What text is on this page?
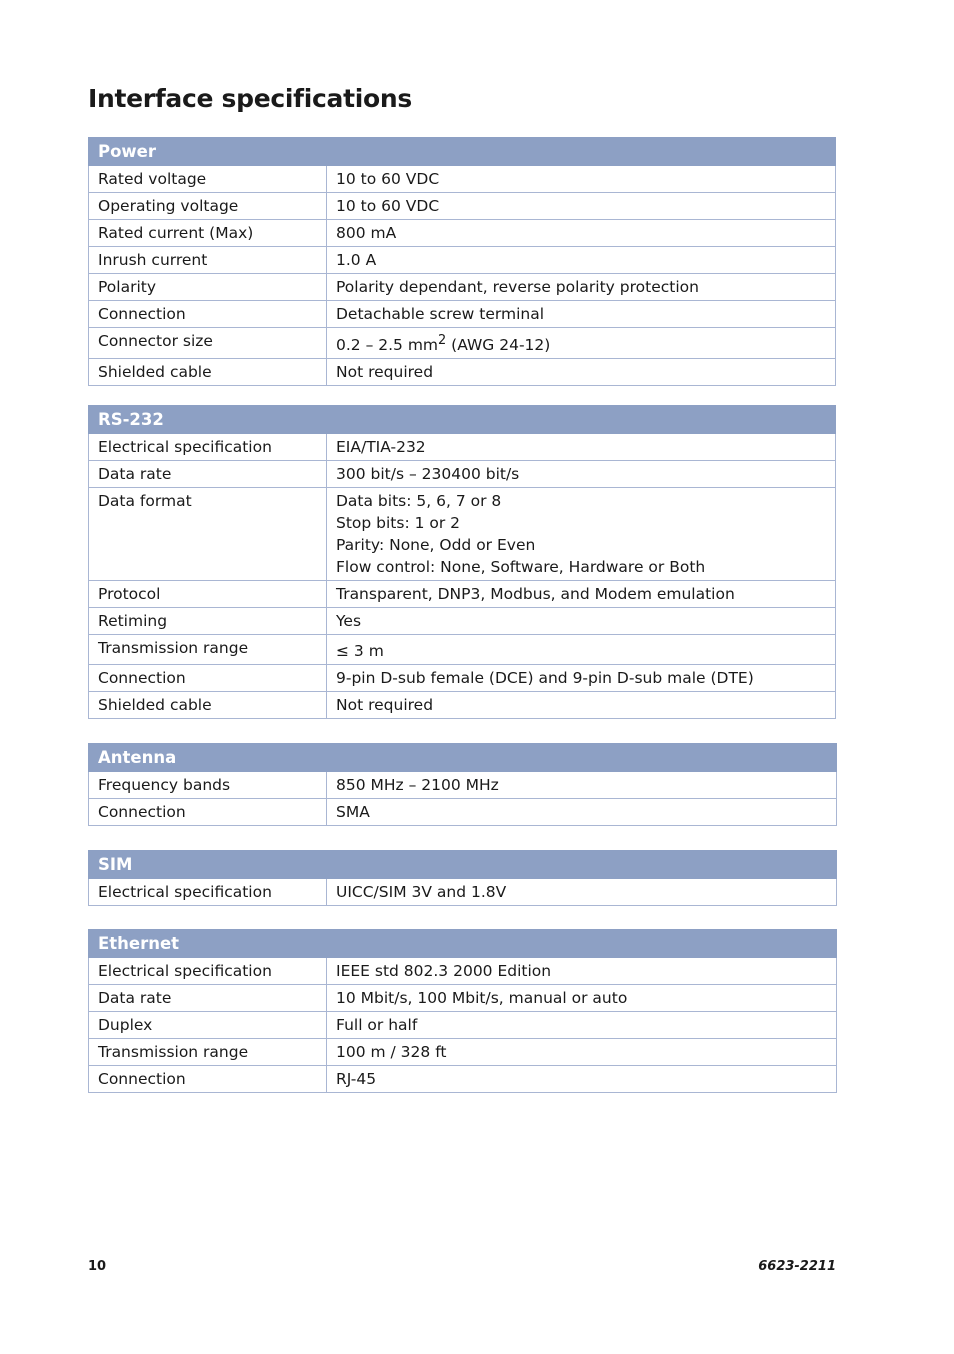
Interface specifications
Power	
Rated voltage	10 to 60 VDC
Operating voltage	10 to 60 VDC
Rated current (Max)	800 mA
Inrush current	1.0 A
Polarity	Polarity dependant, reverse polarity protection
Connection	Detachable screw terminal
Connector size	0.2 – 2.5 $mm^2$ (AWG 24-12)
Shielded cable	Not required
RS-232	
Electrical specification	EIA/TIA-232
Data rate	300 bit/s – 230400 bit/s
Data format	Data bits: 5, 6, 7 or 8
Stop bits: 1 or 2
Parity: None, Odd or Even
Flow control: None, Software, Hardware or Both

Protocol	Transparent, DNP3, Modbus, and Modem emulation
Retiming	Yes
Transmission range	≤ 3 m
Connection	9-pin D-sub female (DCE) and 9-pin D-sub male (DTE)
Shielded cable	Not required
Antenna	
Frequency bands	850 MHz – 2100 MHz
Connection	SMA
SIM
Electrical specification	UICC/SIM 3V and 1.8V
Ethernet	
Electrical specification	IEEE std 802.3 2000 Edition
Data rate	10 Mbit/s, 100 Mbit/s, manual or auto
Duplex	Full or half
Transmission range	100 m / 328 ft
Connection	RJ-45
10	6623-2211
